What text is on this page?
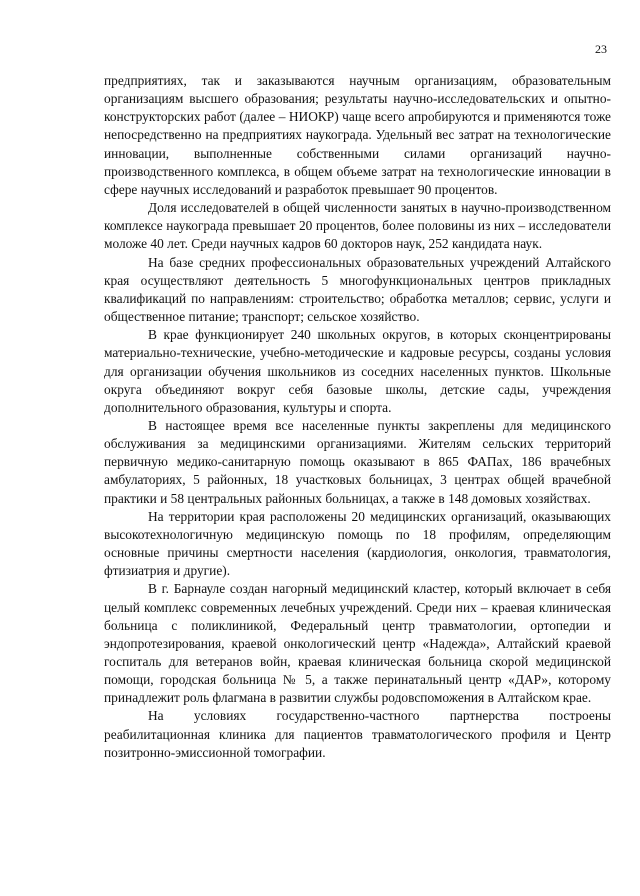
23

предприятиях, так и заказываются научным организациям, образовательным организациям высшего образования; результаты научно-исследовательских и опытно-конструкторских работ (далее – НИОКР) чаще всего апробируются и применяются тоже непосредственно на предприятиях наукограда. Удельный вес затрат на технологические инновации, выполненные собственными силами организаций научно-производственного комплекса, в общем объеме затрат на технологические инновации в сфере научных исследований и разработок превышает 90 процентов.

Доля исследователей в общей численности занятых в научно-производственном комплексе наукограда превышает 20 процентов, более половины из них – исследователи моложе 40 лет. Среди научных кадров 60 докторов наук, 252 кандидата наук.

На базе средних профессиональных образовательных учреждений Алтайского края осуществляют деятельность 5 многофункциональных центров прикладных квалификаций по направлениям: строительство; обработка металлов; сервис, услуги и общественное питание; транспорт; сельское хозяйство.

В крае функционирует 240 школьных округов, в которых сконцентрированы материально-технические, учебно-методические и кадровые ресурсы, созданы условия для организации обучения школьников из соседних населенных пунктов. Школьные округа объединяют вокруг себя базовые школы, детские сады, учреждения дополнительного образования, культуры и спорта.

В настоящее время все населенные пункты закреплены для медицинского обслуживания за медицинскими организациями. Жителям сельских территорий первичную медико-санитарную помощь оказывают в 865 ФАПах, 186 врачебных амбулаториях, 5 районных, 18 участковых больницах, 3 центрах общей врачебной практики и 58 центральных районных больницах, а также в 148 домовых хозяйствах.

На территории края расположены 20 медицинских организаций, оказывающих высокотехнологичную медицинскую помощь по 18 профилям, определяющим основные причины смертности населения (кардиология, онкология, травматология, фтизиатрия и другие).

В г. Барнауле создан нагорный медицинский кластер, который включает в себя целый комплекс современных лечебных учреждений. Среди них – краевая клиническая больница с поликлиникой, Федеральный центр травматологии, ортопедии и эндопротезирования, краевой онкологический центр «Надежда», Алтайский краевой госпиталь для ветеранов войн, краевая клиническая больница скорой медицинской помощи, городская больница № 5, а также перинатальный центр «ДАР», которому принадлежит роль флагмана в развитии службы родовспоможения в Алтайском крае.

На условиях государственно-частного партнерства построены реабилитационная клиника для пациентов травматологического профиля и Центр позитронно-эмиссионной томографии.
